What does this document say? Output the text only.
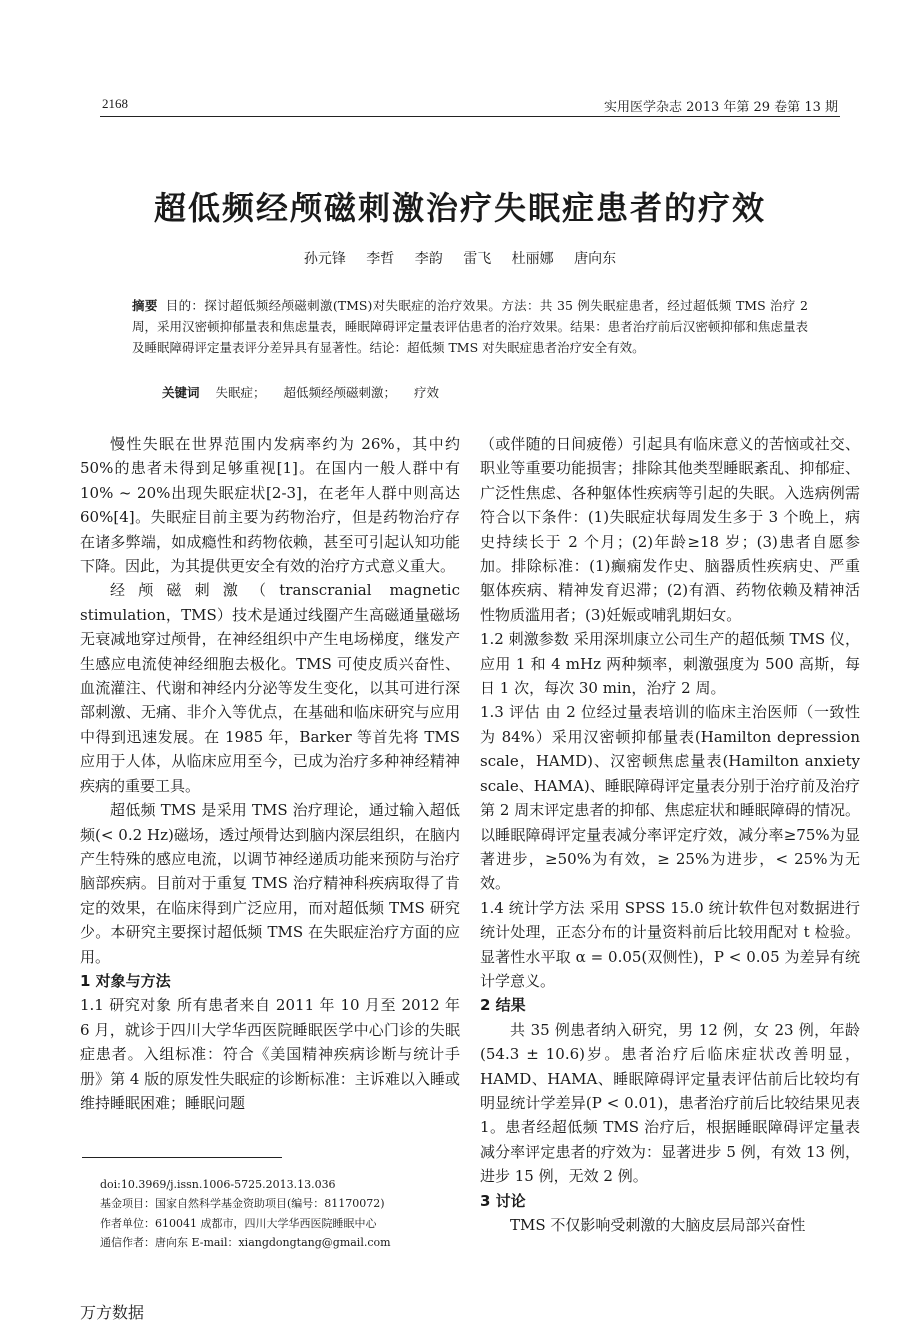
2168	实用医学杂志 2013 年第 29 卷第 13 期
超低频经颅磁刺激治疗失眠症患者的疗效
孙元锋 李哲 李韵 雷飞 杜丽娜 唐向东
摘要 目的：探讨超低频经颅磁刺激(TMS)对失眠症的治疗效果。方法：共 35 例失眠症患者，经过超低频 TMS 治疗 2 周，采用汉密顿抑郁量表和焦虑量表，睡眠障碍评定量表评估患者的治疗效果。结果：患者治疗前后汉密顿抑郁和焦虑量表及睡眠障碍评定量表评分差异具有显著性。结论：超低频 TMS 对失眠症患者治疗安全有效。
关键词 失眠症； 超低频经颅磁刺激； 疗效

慢性失眠在世界范围内发病率约为 26%，其中约 50%的患者未得到足够重视[1]。在国内一般人群中有 10% ~ 20%出现失眠症状[2-3]，在老年人群中则高达 60%[4]。失眠症目前主要为药物治疗，但是药物治疗存在诸多弊端，如成瘾性和药物依赖，甚至可引起认知功能下降。因此，为其提供更安全有效的治疗方式意义重大。

经颅磁刺激（transcranial magnetic stimulation，TMS）技术是通过线圈产生高磁通量磁场无衰减地穿过颅骨，在神经组织中产生电场梯度，继发产生感应电流使神经细胞去极化。TMS 可使皮质兴奋性、血流灌注、代谢和神经内分泌等发生变化，以其可进行深部刺激、无痛、非介入等优点，在基础和临床研究与应用中得到迅速发展。在 1985 年，Barker 等首先将 TMS 应用于人体，从临床应用至今，已成为治疗多种神经精神疾病的重要工具。

超低频 TMS 是采用 TMS 治疗理论，通过输入超低频(< 0.2 Hz)磁场，透过颅骨达到脑内深层组织，在脑内产生特殊的感应电流，以调节神经递质功能来预防与治疗脑部疾病。目前对于重复 TMS 治疗精神科疾病取得了肯定的效果，在临床得到广泛应用，而对超低频 TMS 研究少。本研究主要探讨超低频 TMS 在失眠症治疗方面的应用。

1 对象与方法

1.1 研究对象 所有患者来自 2011 年 10 月至 2012 年 6 月，就诊于四川大学华西医院睡眠医学中心门诊的失眠症患者。入组标准：符合《美国精神疾病诊断与统计手册》第 4 版的原发性失眠症的诊断标准：主诉难以入睡或维持睡眠困难；睡眠问题

（或伴随的日间疲倦）引起具有临床意义的苦恼或社交、职业等重要功能损害；排除其他类型睡眠紊乱、抑郁症、广泛性焦虑、各种躯体性疾病等引起的失眠。入选病例需符合以下条件：(1)失眠症状每周发生多于 3 个晚上，病史持续长于 2 个月；(2)年龄≥18 岁；(3)患者自愿参加。排除标准：(1)癫痫发作史、脑器质性疾病史、严重躯体疾病、精神发育迟滞；(2)有酒、药物依赖及精神活性物质滥用者；(3)妊娠或哺乳期妇女。

1.2 刺激参数 采用深圳康立公司生产的超低频 TMS 仪，应用 1 和 4 mHz 两种频率，刺激强度为 500 高斯，每日 1 次，每次 30 min，治疗 2 周。

1.3 评估 由 2 位经过量表培训的临床主治医师（一致性为 84%）采用汉密顿抑郁量表(Hamilton depression scale，HAMD)、汉密顿焦虑量表(Hamilton anxiety scale、HAMA)、睡眠障碍评定量表分别于治疗前及治疗第 2 周末评定患者的抑郁、焦虑症状和睡眠障碍的情况。以睡眠障碍评定量表减分率评定疗效，减分率≥75%为显著进步，≥50%为有效，≥ 25%为进步，< 25%为无效。

1.4 统计学方法 采用 SPSS 15.0 统计软件包对数据进行统计处理，正态分布的计量资料前后比较用配对 t 检验。显著性水平取 α = 0.05(双侧性)，P < 0.05 为差异有统计学意义。

2 结果

共 35 例患者纳入研究，男 12 例，女 23 例，年龄(54.3 ± 10.6)岁。患者治疗后临床症状改善明显，HAMD、HAMA、睡眠障碍评定量表评估前后比较均有明显统计学差异(P < 0.01)，患者治疗前后比较结果见表 1。患者经超低频 TMS 治疗后，根据睡眠障碍评定量表减分率评定患者的疗效为：显著进步 5 例，有效 13 例，进步 15 例，无效 2 例。

3 讨论

TMS 不仅影响受刺激的大脑皮层局部兴奋性

doi:10.3969/j.issn.1006-5725.2013.13.036
基金项目：国家自然科学基金资助项目(编号：81170072)
作者单位：610041 成都市，四川大学华西医院睡眠中心
通信作者：唐向东 E-mail：xiangdongtang@gmail.com
万方数据
